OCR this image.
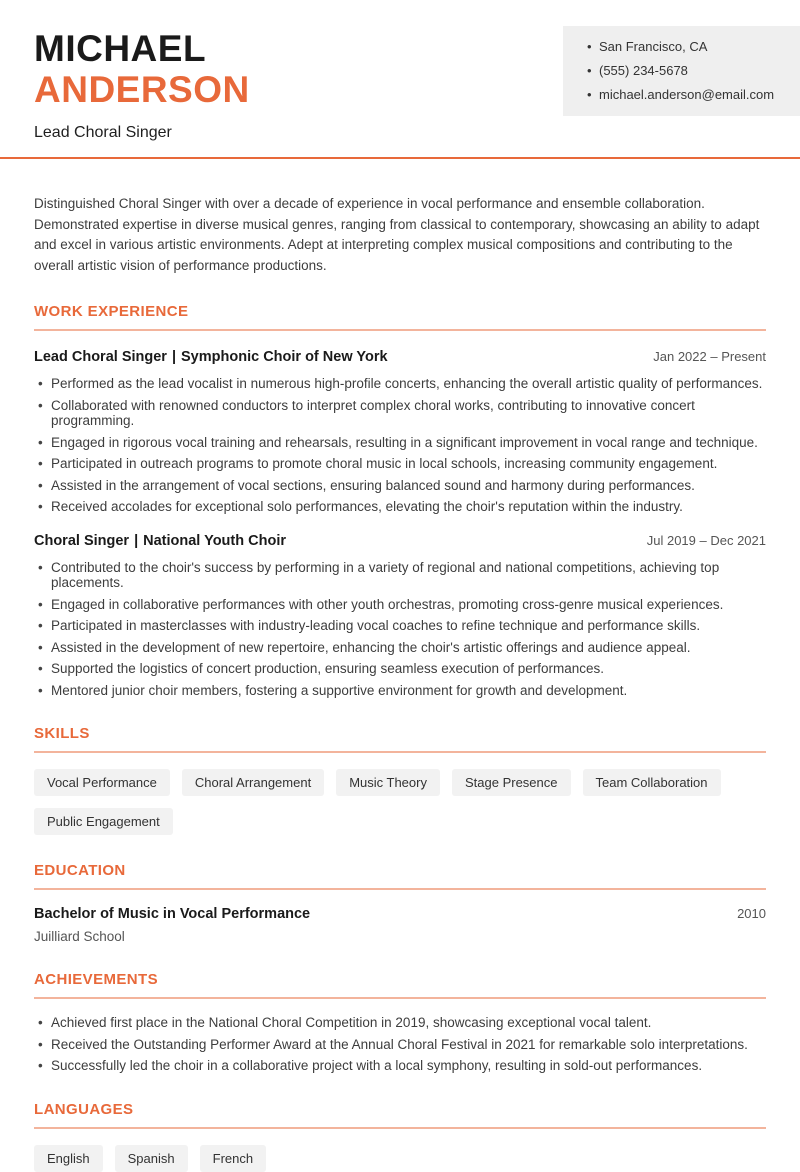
MICHAEL
ANDERSON
Lead Choral Singer
• San Francisco, CA
• (555) 234-5678
• michael.anderson@email.com

Distinguished Choral Singer with over a decade of experience in vocal performance and ensemble collaboration. Demonstrated expertise in diverse musical genres, ranging from classical to contemporary, showcasing an ability to adapt and excel in various artistic environments. Adept at interpreting complex musical compositions and contributing to the overall artistic vision of performance productions.

WORK EXPERIENCE
Lead Choral Singer | Symphonic Choir of New York	Jan 2022 – Present
• Performed as the lead vocalist in numerous high-profile concerts, enhancing the overall artistic quality of performances.
• Collaborated with renowned conductors to interpret complex choral works, contributing to innovative concert programming.
• Engaged in rigorous vocal training and rehearsals, resulting in a significant improvement in vocal range and technique.
• Participated in outreach programs to promote choral music in local schools, increasing community engagement.
• Assisted in the arrangement of vocal sections, ensuring balanced sound and harmony during performances.
• Received accolades for exceptional solo performances, elevating the choir's reputation within the industry.
Choral Singer | National Youth Choir	Jul 2019 – Dec 2021
• Contributed to the choir's success by performing in a variety of regional and national competitions, achieving top placements.
• Engaged in collaborative performances with other youth orchestras, promoting cross-genre musical experiences.
• Participated in masterclasses with industry-leading vocal coaches to refine technique and performance skills.
• Assisted in the development of new repertoire, enhancing the choir's artistic offerings and audience appeal.
• Supported the logistics of concert production, ensuring seamless execution of performances.
• Mentored junior choir members, fostering a supportive environment for growth and development.
SKILLS
Vocal Performance	Choral Arrangement	Music Theory	Stage Presence	Team Collaboration
Public Engagement
EDUCATION
Bachelor of Music in Vocal Performance	2010
Juilliard School
ACHIEVEMENTS
• Achieved first place in the National Choral Competition in 2019, showcasing exceptional vocal talent.
• Received the Outstanding Performer Award at the Annual Choral Festival in 2021 for remarkable solo interpretations.
• Successfully led the choir in a collaborative project with a local symphony, resulting in sold-out performances.
LANGUAGES
English	Spanish	French
